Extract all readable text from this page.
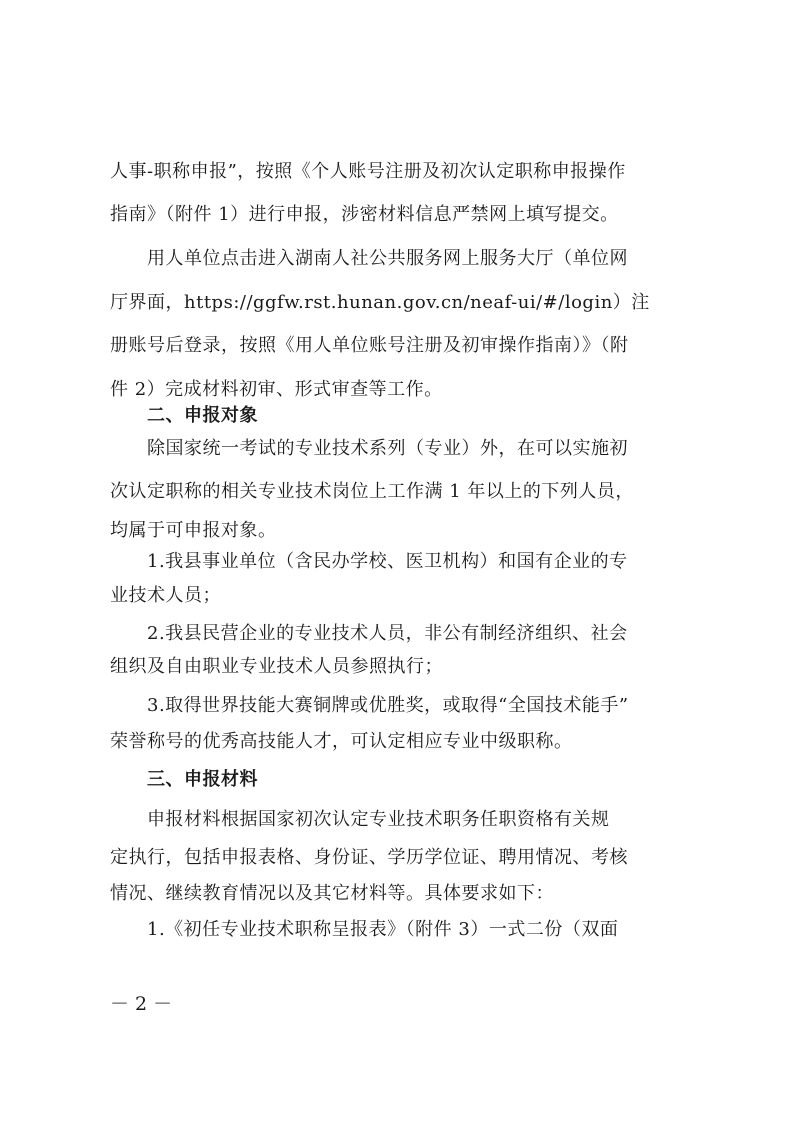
人事-职称申报”，按照《个人账号注册及初次认定职称申报操作
指南》（附件 1）进行申报，涉密材料信息严禁网上填写提交。
　　用人单位点击进入湖南人社公共服务网上服务大厅（单位网
厅界面，https://ggfw.rst.hunan.gov.cn/neaf-ui/#/login）注
册账号后登录，按照《用人单位账号注册及初审操作指南）》（附
件 2）完成材料初审、形式审查等工作。
　　二、申报对象
　　除国家统一考试的专业技术系列（专业）外，在可以实施初
次认定职称的相关专业技术岗位上工作满 1 年以上的下列人员，
均属于可申报对象。
　　1.我县事业单位（含民办学校、医卫机构）和国有企业的专
业技术人员；
　　2.我县民营企业的专业技术人员，非公有制经济组织、社会
组织及自由职业专业技术人员参照执行；
　　3.取得世界技能大赛铜牌或优胜奖，或取得“全国技术能手”
荣誉称号的优秀高技能人才，可认定相应专业中级职称。
　　三、申报材料
　　申报材料根据国家初次认定专业技术职务任职资格有关规
定执行，包括申报表格、身份证、学历学位证、聘用情况、考核
情况、继续教育情况以及其它材料等。具体要求如下：
　　1.《初任专业技术职称呈报表》（附件 3）一式二份（双面
－ 2 －
